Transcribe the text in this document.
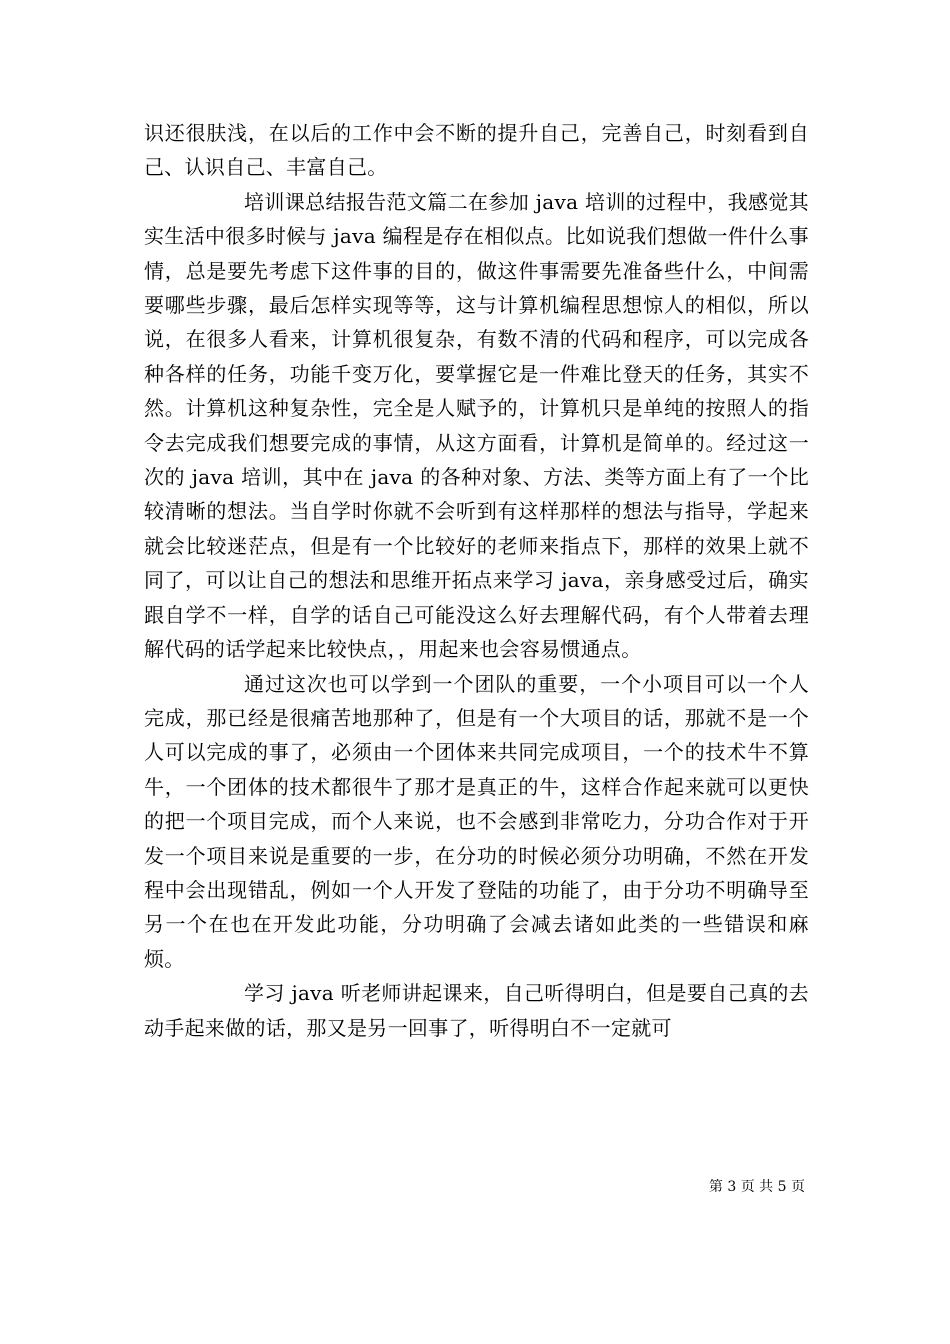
识还很肤浅，在以后的工作中会不断的提升自己，完善自己，时刻看到自己、认识自己、丰富自己。

培训课总结报告范文篇二在参加 java 培训的过程中，我感觉其实生活中很多时候与 java 编程是存在相似点。比如说我们想做一件什么事情，总是要先考虑下这件事的目的，做这件事需要先准备些什么，中间需要哪些步骤，最后怎样实现等等，这与计算机编程思想惊人的相似，所以说，在很多人看来，计算机很复杂，有数不清的代码和程序，可以完成各种各样的任务，功能千变万化，要掌握它是一件难比登天的任务，其实不然。计算机这种复杂性，完全是人赋予的，计算机只是单纯的按照人的指令去完成我们想要完成的事情，从这方面看，计算机是简单的。经过这一次的 java 培训，其中在 java 的各种对象、方法、类等方面上有了一个比较清晰的想法。当自学时你就不会听到有这样那样的想法与指导，学起来就会比较迷茫点，但是有一个比较好的老师来指点下，那样的效果上就不同了，可以让自己的想法和思维开拓点来学习 java，亲身感受过后，确实跟自学不一样，自学的话自己可能没这么好去理解代码，有个人带着去理解代码的话学起来比较快点，，用起来也会容易惯通点。

通过这次也可以学到一个团队的重要，一个小项目可以一个人完成，那已经是很痛苦地那种了，但是有一个大项目的话，那就不是一个人可以完成的事了，必须由一个团体来共同完成项目，一个的技术牛不算牛，一个团体的技术都很牛了那才是真正的牛，这样合作起来就可以更快的把一个项目完成，而个人来说，也不会感到非常吃力，分功合作对于开发一个项目来说是重要的一步，在分功的时候必须分功明确，不然在开发程中会出现错乱，例如一个人开发了登陆的功能了，由于分功不明确导至另一个在也在开发此功能，分功明确了会减去诸如此类的一些错误和麻烦。

学习 java 听老师讲起课来，自己听得明白，但是要自己真的去动手起来做的话，那又是另一回事了，听得明白不一定就可

第 3 页 共 5 页
